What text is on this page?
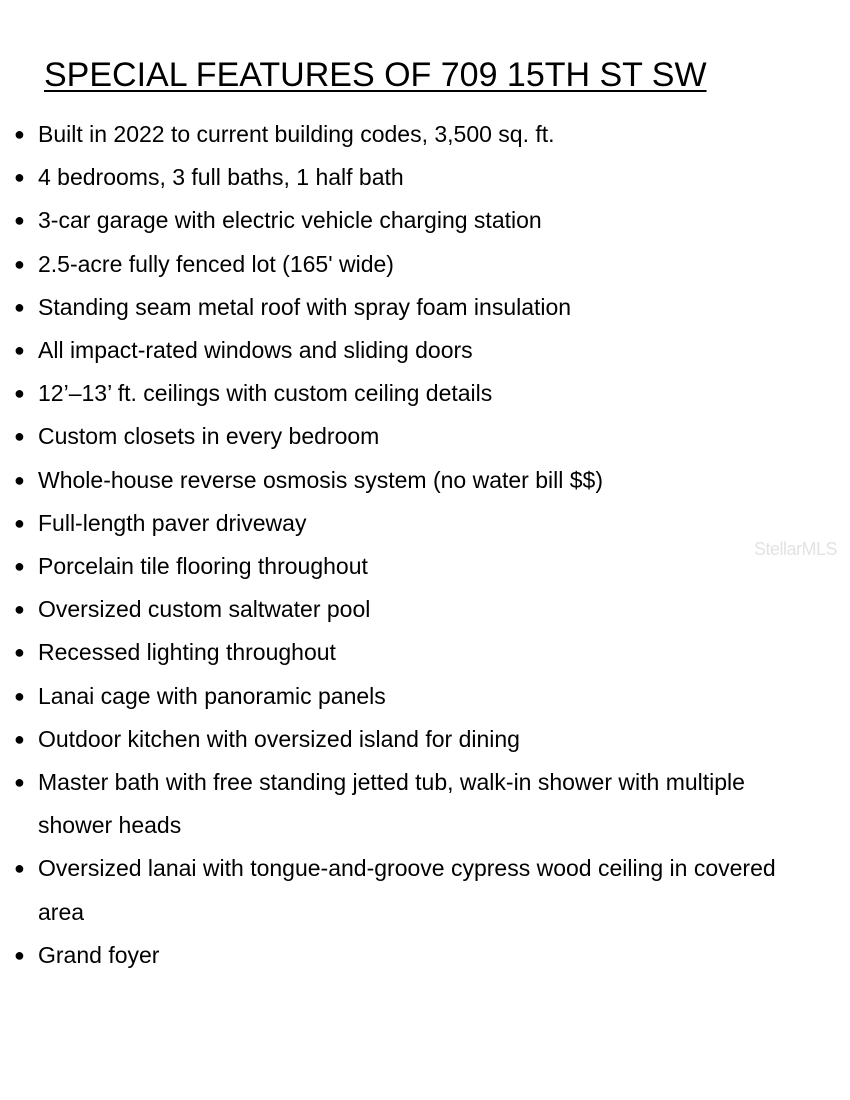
SPECIAL FEATURES OF 709 15TH ST SW
● Built in 2022 to current building codes, 3,500 sq. ft.
● 4 bedrooms, 3 full baths, 1 half bath
● 3-car garage with electric vehicle charging station
● 2.5-acre fully fenced lot (165' wide)
● Standing seam metal roof with spray foam insulation
● All impact-rated windows and sliding doors
● 12’–13’ ft. ceilings with custom ceiling details
● Custom closets in every bedroom
● Whole-house reverse osmosis system (no water bill $$)
● Full-length paver driveway
● Porcelain tile flooring throughout
● Oversized custom saltwater pool
● Recessed lighting throughout
● Lanai cage with panoramic panels
● Outdoor kitchen with oversized island for dining
● Master bath with free standing jetted tub, walk-in shower with multiple shower heads
● Oversized lanai with tongue-and-groove cypress wood ceiling in covered area
● Grand foyer
StellarMLS
